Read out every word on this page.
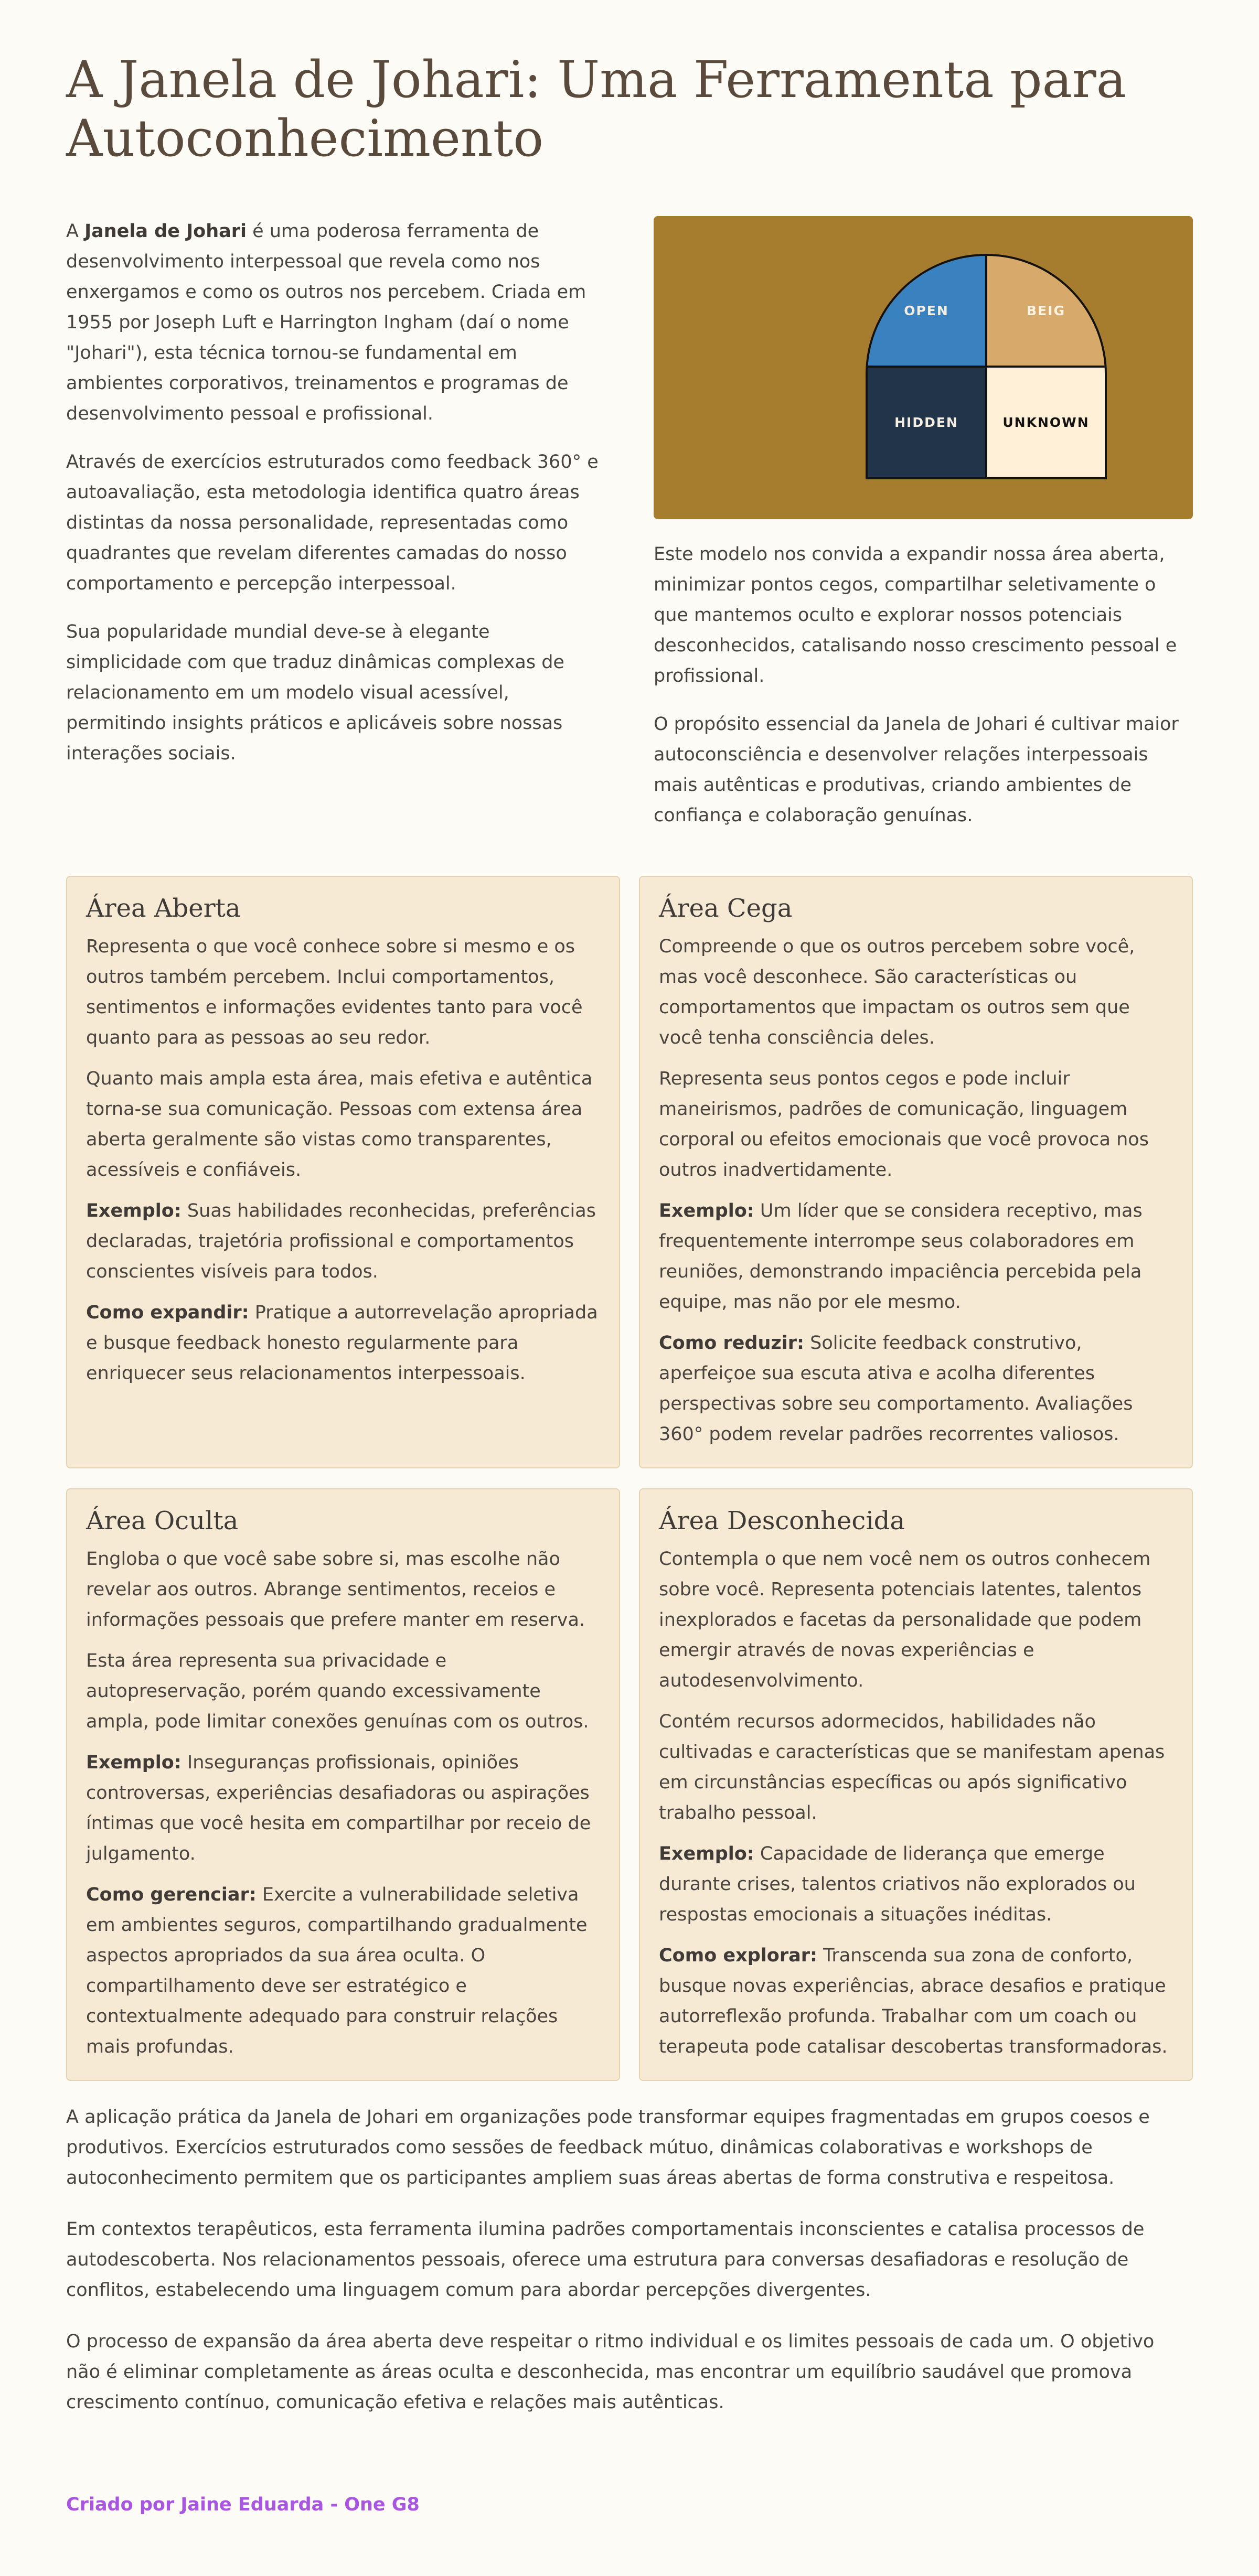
A Janela de Johari: Uma Ferramenta para Autoconhecimento

A Janela de Johari é uma poderosa ferramenta de desenvolvimento interpessoal que revela como nos enxergamos e como os outros nos percebem. Criada em 1955 por Joseph Luft e Harrington Ingham (daí o nome "Johari"), esta técnica tornou-se fundamental em ambientes corporativos, treinamentos e programas de desenvolvimento pessoal e profissional.

Através de exercícios estruturados como feedback 360° e autoavaliação, esta metodologia identifica quatro áreas distintas da nossa personalidade, representadas como quadrantes que revelam diferentes camadas do nosso comportamento e percepção interpessoal.

Sua popularidade mundial deve-se à elegante simplicidade com que traduz dinâmicas complexas de relacionamento em um modelo visual acessível, permitindo insights práticos e aplicáveis sobre nossas interações sociais.

OPEN	BEIG
HIDDEN	UNKNOWN

Este modelo nos convida a expandir nossa área aberta, minimizar pontos cegos, compartilhar seletivamente o que mantemos oculto e explorar nossos potenciais desconhecidos, catalisando nosso crescimento pessoal e profissional.

O propósito essencial da Janela de Johari é cultivar maior autoconsciência e desenvolver relações interpessoais mais autênticas e produtivas, criando ambientes de confiança e colaboração genuínas.

Área Aberta

Representa o que você conhece sobre si mesmo e os outros também percebem. Inclui comportamentos, sentimentos e informações evidentes tanto para você quanto para as pessoas ao seu redor.

Quanto mais ampla esta área, mais efetiva e autêntica torna-se sua comunicação. Pessoas com extensa área aberta geralmente são vistas como transparentes, acessíveis e confiáveis.

Exemplo: Suas habilidades reconhecidas, preferências declaradas, trajetória profissional e comportamentos conscientes visíveis para todos.

Como expandir: Pratique a autorrevelação apropriada e busque feedback honesto regularmente para enriquecer seus relacionamentos interpessoais.

Área Cega

Compreende o que os outros percebem sobre você, mas você desconhece. São características ou comportamentos que impactam os outros sem que você tenha consciência deles.

Representa seus pontos cegos e pode incluir maneirismos, padrões de comunicação, linguagem corporal ou efeitos emocionais que você provoca nos outros inadvertidamente.

Exemplo: Um líder que se considera receptivo, mas frequentemente interrompe seus colaboradores em reuniões, demonstrando impaciência percebida pela equipe, mas não por ele mesmo.

Como reduzir: Solicite feedback construtivo, aperfeiçoe sua escuta ativa e acolha diferentes perspectivas sobre seu comportamento. Avaliações 360° podem revelar padrões recorrentes valiosos.

Área Oculta

Engloba o que você sabe sobre si, mas escolhe não revelar aos outros. Abrange sentimentos, receios e informações pessoais que prefere manter em reserva.

Esta área representa sua privacidade e autopreservação, porém quando excessivamente ampla, pode limitar conexões genuínas com os outros.

Exemplo: Inseguranças profissionais, opiniões controversas, experiências desafiadoras ou aspirações íntimas que você hesita em compartilhar por receio de julgamento.

Como gerenciar: Exercite a vulnerabilidade seletiva em ambientes seguros, compartilhando gradualmente aspectos apropriados da sua área oculta. O compartilhamento deve ser estratégico e contextualmente adequado para construir relações mais profundas.

Área Desconhecida

Contempla o que nem você nem os outros conhecem sobre você. Representa potenciais latentes, talentos inexplorados e facetas da personalidade que podem emergir através de novas experiências e autodesenvolvimento.

Contém recursos adormecidos, habilidades não cultivadas e características que se manifestam apenas em circunstâncias específicas ou após significativo trabalho pessoal.

Exemplo: Capacidade de liderança que emerge durante crises, talentos criativos não explorados ou respostas emocionais a situações inéditas.

Como explorar: Transcenda sua zona de conforto, busque novas experiências, abrace desafios e pratique autorreflexão profunda. Trabalhar com um coach ou terapeuta pode catalisar descobertas transformadoras.

A aplicação prática da Janela de Johari em organizações pode transformar equipes fragmentadas em grupos coesos e produtivos. Exercícios estruturados como sessões de feedback mútuo, dinâmicas colaborativas e workshops de autoconhecimento permitem que os participantes ampliem suas áreas abertas de forma construtiva e respeitosa.

Em contextos terapêuticos, esta ferramenta ilumina padrões comportamentais inconscientes e catalisa processos de autodescoberta. Nos relacionamentos pessoais, oferece uma estrutura para conversas desafiadoras e resolução de conflitos, estabelecendo uma linguagem comum para abordar percepções divergentes.

O processo de expansão da área aberta deve respeitar o ritmo individual e os limites pessoais de cada um. O objetivo não é eliminar completamente as áreas oculta e desconhecida, mas encontrar um equilíbrio saudável que promova crescimento contínuo, comunicação efetiva e relações mais autênticas.

Criado por Jaine Eduarda - One G8
